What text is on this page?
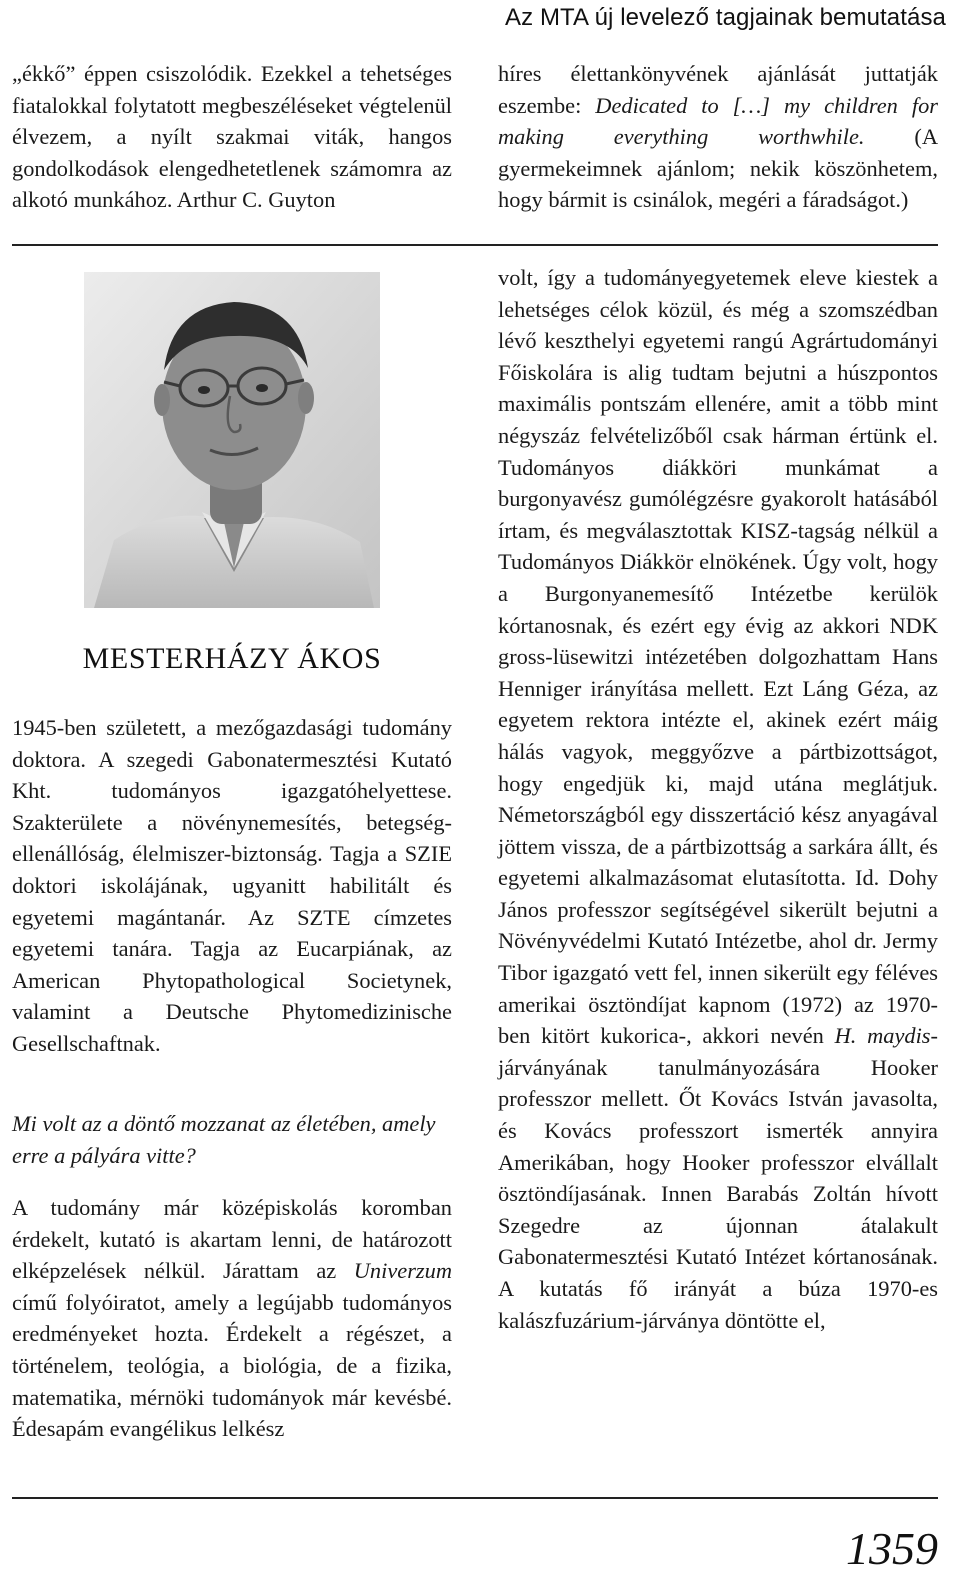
Az MTA új levelező tagjainak bemutatása

„ékkő” éppen csiszolódik. Ezekkel a tehetséges fiatalokkal folytatott megbeszéléseket végtelenül élvezem, a nyílt szakmai viták, hangos gondolkodások elengedhetetlenek számomra az alkotó munkához. Arthur C. Guyton

híres élettankönyvének ajánlását juttatják eszembe: Dedicated to […] my children for making everything worthwhile. (A gyermekeimnek ajánlom; nekik köszönhetem, hogy bármit is csinálok, megéri a fáradságot.)

MESTERHÁZY ÁKOS

1945-ben született, a mezőgazdasági tudomány doktora. A szegedi Gabonatermesztési Kutató Kht. tudományos igazgatóhelyettese. Szakterülete a növénynemesítés, betegség-ellenállóság, élelmiszer-biztonság. Tagja a SZIE doktori iskolájának, ugyanitt habilitált és egyetemi magántanár. Az SZTE címzetes egyetemi tanára. Tagja az Eucarpiának, az American Phytopathological Societynek, valamint a Deutsche Phytomedizinische Gesellschaftnak.

Mi volt az a döntő mozzanat az életében, amely erre a pályára vitte?

A tudomány már középiskolás koromban érdekelt, kutató is akartam lenni, de határozott elképzelések nélkül. Járattam az Univerzum című folyóiratot, amely a legújabb tudományos eredményeket hozta. Érdekelt a régészet, a történelem, teológia, a biológia, de a fizika, matematika, mérnöki tudományok már kevésbé. Édesapám evangélikus lelkész

volt, így a tudományegyetemek eleve kiestek a lehetséges célok közül, és még a szomszédban lévő keszthelyi egyetemi rangú Agrártudományi Főiskolára is alig tudtam bejutni a húszpontos maximális pontszám ellenére, amit a több mint négyszáz felvételizőből csak hárman értünk el. Tudományos diákköri munkámat a burgonyavész gumólégzésre gyakorolt hatásából írtam, és megválasztottak KISZ-tagság nélkül a Tudományos Diákkör elnökének. Úgy volt, hogy a Burgonyanemesítő Intézetbe kerülök kórtanosnak, és ezért egy évig az akkori NDK gross-lüsewitzi intézetében dolgozhattam Hans Henniger irányítása mellett. Ezt Láng Géza, az egyetem rektora intézte el, akinek ezért máig hálás vagyok, meggyőzve a pártbizottságot, hogy engedjük ki, majd utána meglátjuk. Németországból egy disszertáció kész anyagával jöttem vissza, de a pártbizottság a sarkára állt, és egyetemi alkalmazásomat elutasította. Id. Dohy János professzor segítségével sikerült bejutni a Növényvédelmi Kutató Intézetbe, ahol dr. Jermy Tibor igazgató vett fel, innen sikerült egy féléves amerikai ösztöndíjat kapnom (1972) az 1970-ben kitört kukorica-, akkori nevén H. maydis-járványának tanulmányozására Hooker professzor mellett. Őt Kovács István javasolta, és Kovács professzort ismerték annyira Amerikában, hogy Hooker professzor elvállalt ösztöndíjasának. Innen Barabás Zoltán hívott Szegedre az újonnan átalakult Gabonatermesztési Kutató Intézet kórtanosának. A kutatás fő irányát a búza 1970-es kalászfuzárium-járványa döntötte el,

1359
